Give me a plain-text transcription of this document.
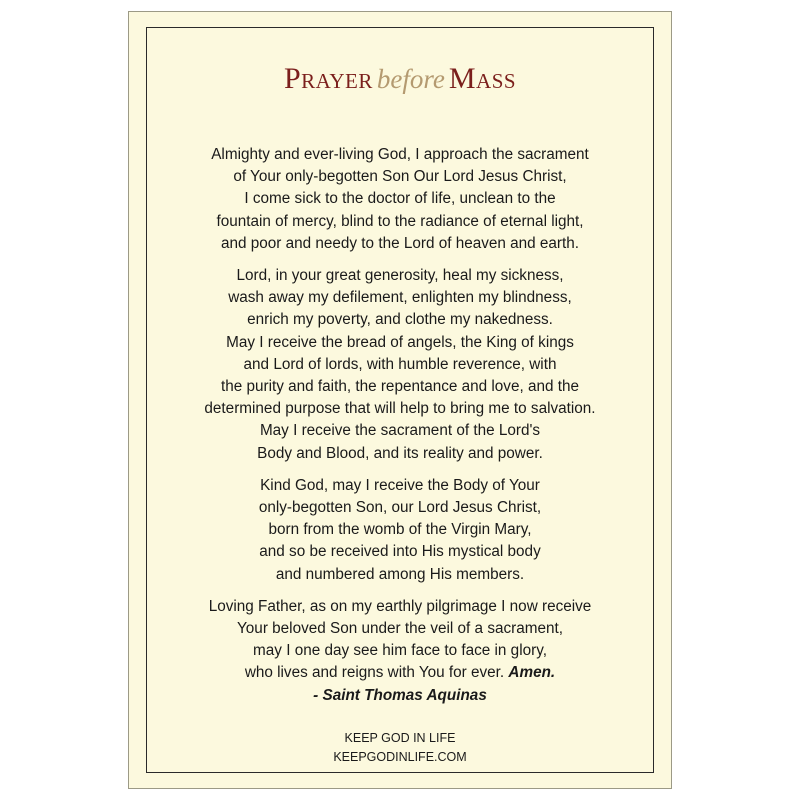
Prayer before Mass
Almighty and ever-living God, I approach the sacrament
of Your only-begotten Son Our Lord Jesus Christ,
I come sick to the doctor of life, unclean to the
fountain of mercy, blind to the radiance of eternal light,
and poor and needy to the Lord of heaven and earth.
Lord, in your great generosity, heal my sickness,
wash away my defilement, enlighten my blindness,
enrich my poverty, and clothe my nakedness.
May I receive the bread of angels, the King of kings
and Lord of lords, with humble reverence, with
the purity and faith, the repentance and love, and the
determined purpose that will help to bring me to salvation.
May I receive the sacrament of the Lord's
Body and Blood, and its reality and power.
Kind God, may I receive the Body of Your
only-begotten Son, our Lord Jesus Christ,
born from the womb of the Virgin Mary,
and so be received into His mystical body
and numbered among His members.
Loving Father, as on my earthly pilgrimage I now receive
Your beloved Son under the veil of a sacrament,
may I one day see him face to face in glory,
who lives and reigns with You for ever. Amen.
- Saint Thomas Aquinas
KEEP GOD IN LIFE
KEEPGODINLIFE.COM
